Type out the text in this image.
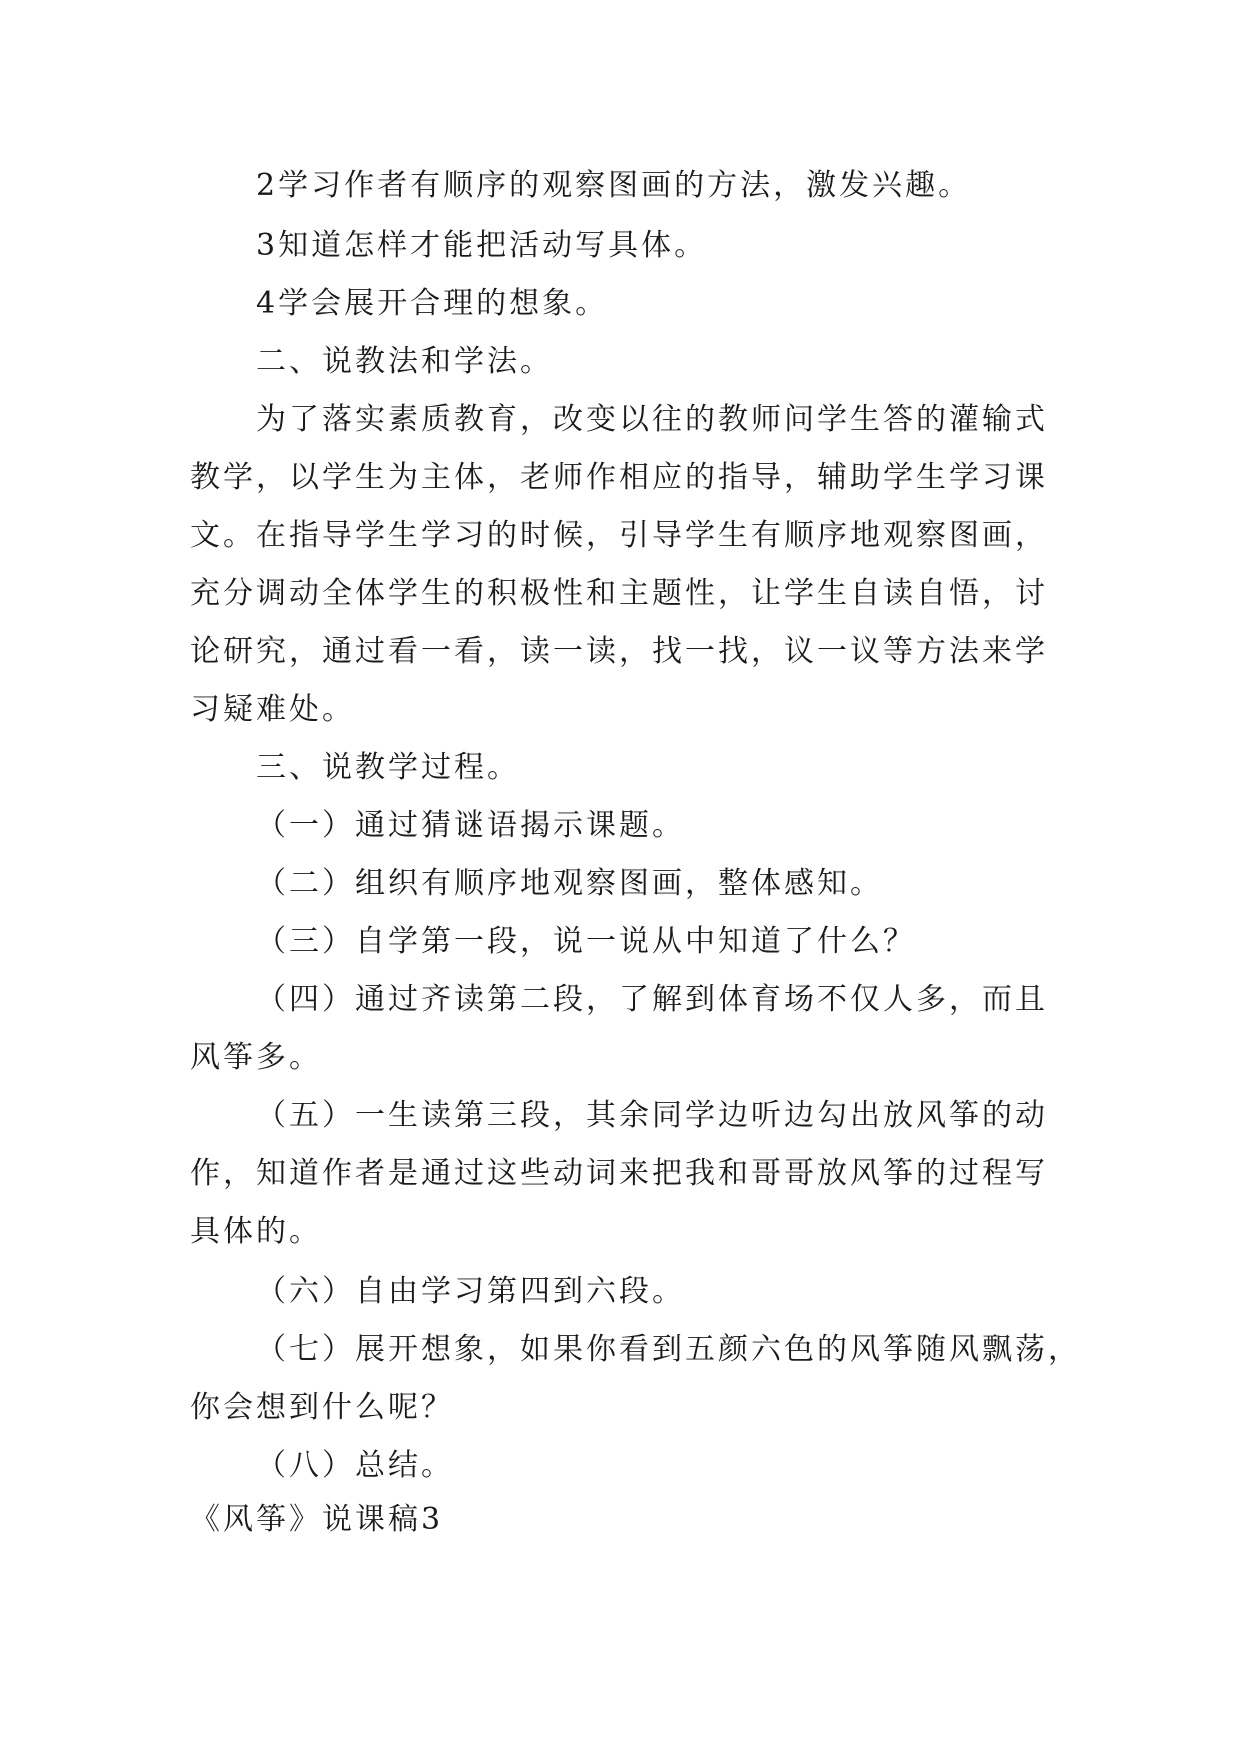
2学习作者有顺序的观察图画的方法，激发兴趣。
3知道怎样才能把活动写具体。
4学会展开合理的想象。
二、说教法和学法。
为了落实素质教育，改变以往的教师问学生答的灌输式
教学，以学生为主体，老师作相应的指导，辅助学生学习课
文。在指导学生学习的时候，引导学生有顺序地观察图画，
充分调动全体学生的积极性和主题性，让学生自读自悟，讨
论研究，通过看一看，读一读，找一找，议一议等方法来学
习疑难处。
三、说教学过程。
（一）通过猜谜语揭示课题。
（二）组织有顺序地观察图画，整体感知。
（三）自学第一段，说一说从中知道了什么？
（四）通过齐读第二段，了解到体育场不仅人多，而且
风筝多。
（五）一生读第三段，其余同学边听边勾出放风筝的动
作，知道作者是通过这些动词来把我和哥哥放风筝的过程写
具体的。
（六）自由学习第四到六段。
（七）展开想象，如果你看到五颜六色的风筝随风飘荡，
你会想到什么呢？
（八）总结。
《风筝》说课稿3
